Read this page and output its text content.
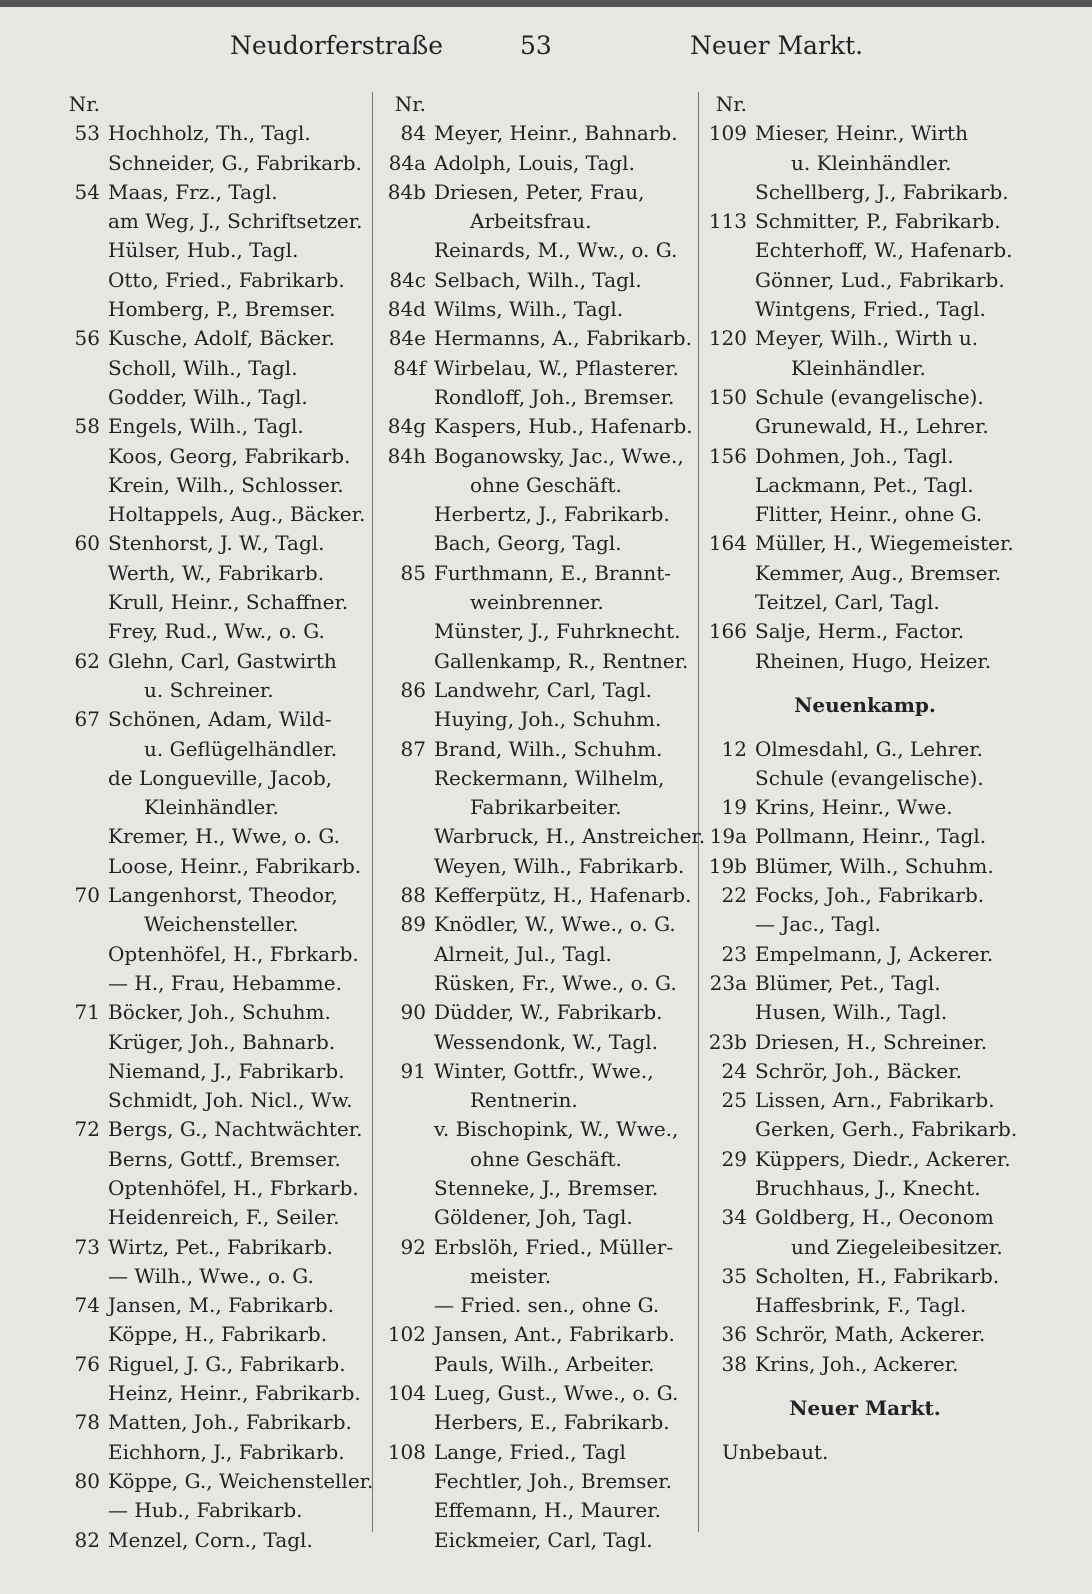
Neudorferstraße	53	Neuer Markt.
Nr.
53 Hochholz, Th., Tagl.
Schneider, G., Fabrikarb.
54 Maas, Frz., Tagl.
am Weg, J., Schriftsetzer.
Hülser, Hub., Tagl.
Otto, Fried., Fabrikarb.
Homberg, P., Bremser.
56 Kusche, Adolf, Bäcker.
Scholl, Wilh., Tagl.
Godder, Wilh., Tagl.
58 Engels, Wilh., Tagl.
Koos, Georg, Fabrikarb.
Krein, Wilh., Schlosser.
Holtappels, Aug., Bäcker.
60 Stenhorst, J. W., Tagl.
Werth, W., Fabrikarb.
Krull, Heinr., Schaffner.
Frey, Rud., Ww., o. G.
62 Glehn, Carl, Gastwirth
u. Schreiner.
67 Schönen, Adam, Wild-
u. Geflügelhändler.
de Longueville, Jacob,
Kleinhändler.
Kremer, H., Wwe, o. G.
Loose, Heinr., Fabrikarb.
70 Langenhorst, Theodor,
Weichensteller.
Optenhöfel, H., Fbrkarb.
— H., Frau, Hebamme.
71 Böcker, Joh., Schuhm.
Krüger, Joh., Bahnarb.
Niemand, J., Fabrikarb.
Schmidt, Joh. Nicl., Ww.
72 Bergs, G., Nachtwächter.
Berns, Gottf., Bremser.
Optenhöfel, H., Fbrkarb.
Heidenreich, F., Seiler.
73 Wirtz, Pet., Fabrikarb.
— Wilh., Wwe., o. G.
74 Jansen, M., Fabrikarb.
Köppe, H., Fabrikarb.
76 Riguel, J. G., Fabrikarb.
Heinz, Heinr., Fabrikarb.
78 Matten, Joh., Fabrikarb.
Eichhorn, J., Fabrikarb.
80 Köppe, G., Weichensteller.
— Hub., Fabrikarb.
82 Menzel, Corn., Tagl.
Nr.
84 Meyer, Heinr., Bahnarb.
84a Adolph, Louis, Tagl.
84b Driesen, Peter, Frau,
Arbeitsfrau.
Reinards, M., Ww., o. G.
84c Selbach, Wilh., Tagl.
84d Wilms, Wilh., Tagl.
84e Hermanns, A., Fabrikarb.
84f Wirbelau, W., Pflasterer.
Rondloff, Joh., Bremser.
84g Kaspers, Hub., Hafenarb.
84h Boganowsky, Jac., Wwe.,
ohne Geschäft.
Herbertz, J., Fabrikarb.
Bach, Georg, Tagl.
85 Furthmann, E., Brannt-
weinbrenner.
Münster, J., Fuhrknecht.
Gallenkamp, R., Rentner.
86 Landwehr, Carl, Tagl.
Huying, Joh., Schuhm.
87 Brand, Wilh., Schuhm.
Reckermann, Wilhelm,
Fabrikarbeiter.
Warbruck, H., Anstreicher.
Weyen, Wilh., Fabrikarb.
88 Kefferpütz, H., Hafenarb.
89 Knödler, W., Wwe., o. G.
Alrneit, Jul., Tagl.
Rüsken, Fr., Wwe., o. G.
90 Düdder, W., Fabrikarb.
Wessendonk, W., Tagl.
91 Winter, Gottfr., Wwe.,
Rentnerin.
v. Bischopink, W., Wwe.,
ohne Geschäft.
Stenneke, J., Bremser.
Göldener, Joh, Tagl.
92 Erbslöh, Fried., Müller-
meister.
— Fried. sen., ohne G.
102 Jansen, Ant., Fabrikarb.
Pauls, Wilh., Arbeiter.
104 Lueg, Gust., Wwe., o. G.
Herbers, E., Fabrikarb.
108 Lange, Fried., Tagl
Fechtler, Joh., Bremser.
Effemann, H., Maurer.
Eickmeier, Carl, Tagl.
Nr.
109 Mieser, Heinr., Wirth
u. Kleinhändler.
Schellberg, J., Fabrikarb.
113 Schmitter, P., Fabrikarb.
Echterhoff, W., Hafenarb.
Gönner, Lud., Fabrikarb.
Wintgens, Fried., Tagl.
120 Meyer, Wilh., Wirth u.
Kleinhändler.
150 Schule (evangelische).
Grunewald, H., Lehrer.
156 Dohmen, Joh., Tagl.
Lackmann, Pet., Tagl.
Flitter, Heinr., ohne G.
164 Müller, H., Wiegemeister.
Kemmer, Aug., Bremser.
Teitzel, Carl, Tagl.
166 Salje, Herm., Factor.
Rheinen, Hugo, Heizer.
Neuenkamp.
12 Olmesdahl, G., Lehrer.
Schule (evangelische).
19 Krins, Heinr., Wwe.
19a Pollmann, Heinr., Tagl.
19b Blümer, Wilh., Schuhm.
22 Focks, Joh., Fabrikarb.
— Jac., Tagl.
23 Empelmann, J, Ackerer.
23a Blümer, Pet., Tagl.
Husen, Wilh., Tagl.
23b Driesen, H., Schreiner.
24 Schrör, Joh., Bäcker.
25 Lissen, Arn., Fabrikarb.
Gerken, Gerh., Fabrikarb.
29 Küppers, Diedr., Ackerer.
Bruchhaus, J., Knecht.
34 Goldberg, H., Oeconom
und Ziegeleibesitzer.
35 Scholten, H., Fabrikarb.
Haffesbrink, F., Tagl.
36 Schrör, Math, Ackerer.
38 Krins, Joh., Ackerer.
Neuer Markt.
Unbebaut.
